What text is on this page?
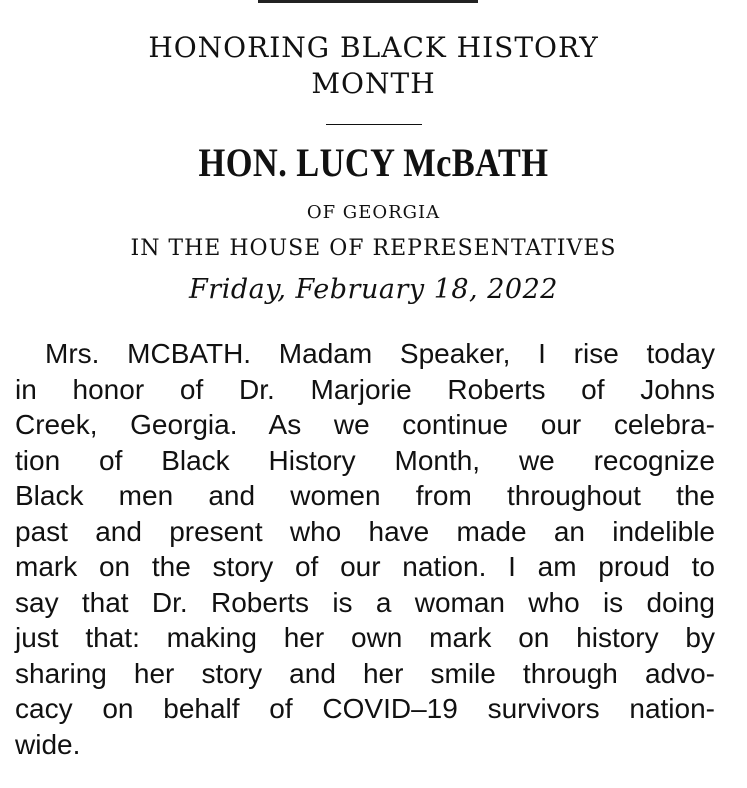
HONORING BLACK HISTORY
MONTH
HON. LUCY McBATH
OF GEORGIA
IN THE HOUSE OF REPRESENTATIVES
Friday, February 18, 2022
Mrs. MCBATH. Madam Speaker, I rise today
in honor of Dr. Marjorie Roberts of Johns
Creek, Georgia. As we continue our celebra-
tion of Black History Month, we recognize
Black men and women from throughout the
past and present who have made an indelible
mark on the story of our nation. I am proud to
say that Dr. Roberts is a woman who is doing
just that: making her own mark on history by
sharing her story and her smile through advo-
cacy on behalf of COVID–19 survivors nation-
wide.
